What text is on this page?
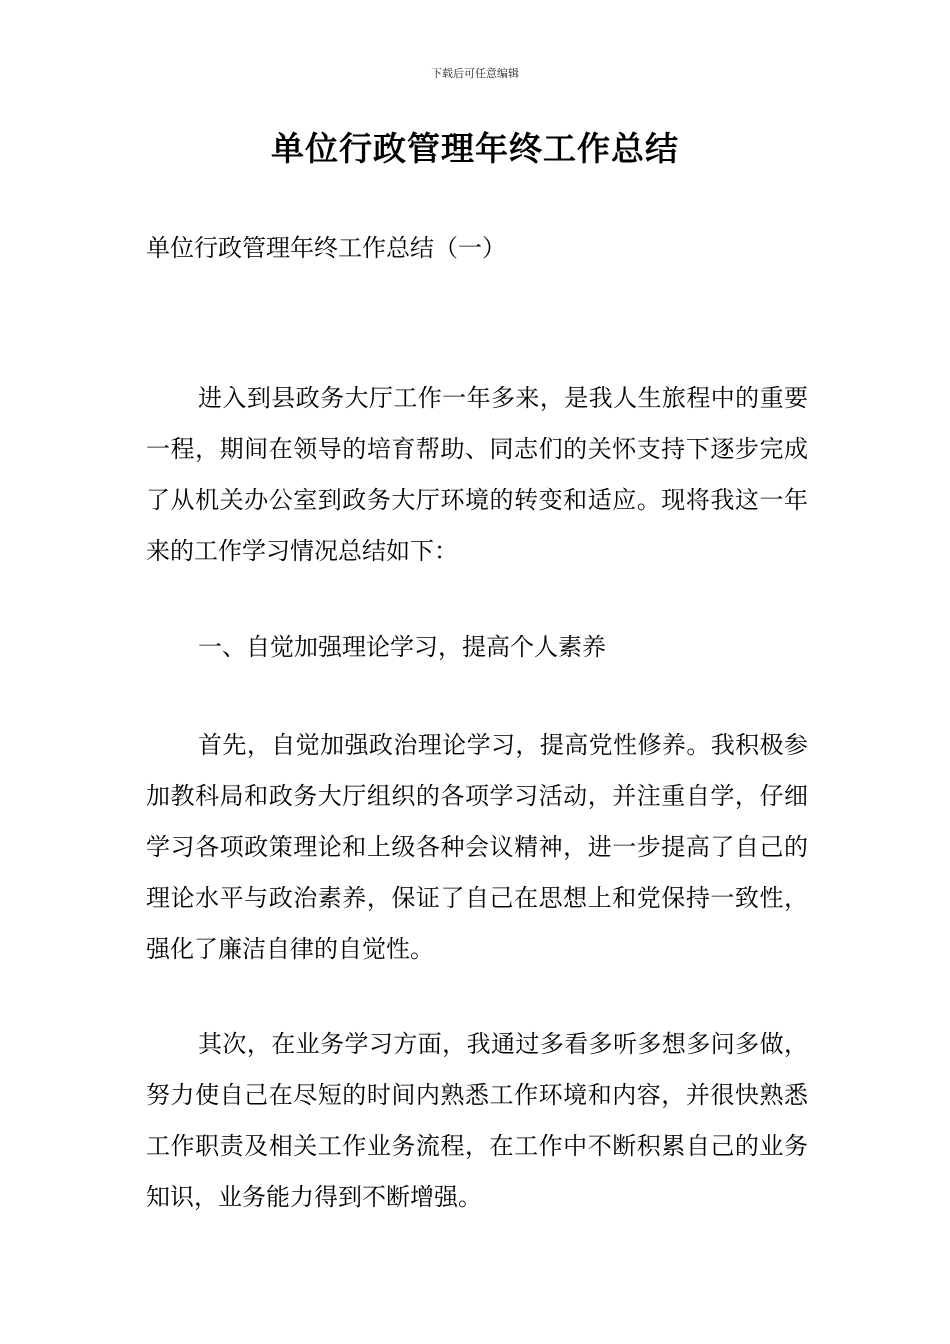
下载后可任意编辑
单位行政管理年终工作总结
单位行政管理年终工作总结（一）

进入到县政务大厅工作一年多来，是我人生旅程中的重要一程，期间在领导的培育帮助、同志们的关怀支持下逐步完成了从机关办公室到政务大厅环境的转变和适应。现将我这一年来的工作学习情况总结如下：

一、自觉加强理论学习，提高个人素养

首先，自觉加强政治理论学习，提高党性修养。我积极参加教科局和政务大厅组织的各项学习活动，并注重自学，仔细学习各项政策理论和上级各种会议精神，进一步提高了自己的理论水平与政治素养，保证了自己在思想上和党保持一致性，强化了廉洁自律的自觉性。

其次，在业务学习方面，我通过多看多听多想多问多做，努力使自己在尽短的时间内熟悉工作环境和内容，并很快熟悉工作职责及相关工作业务流程，在工作中不断积累自己的业务知识，业务能力得到不断增强。
